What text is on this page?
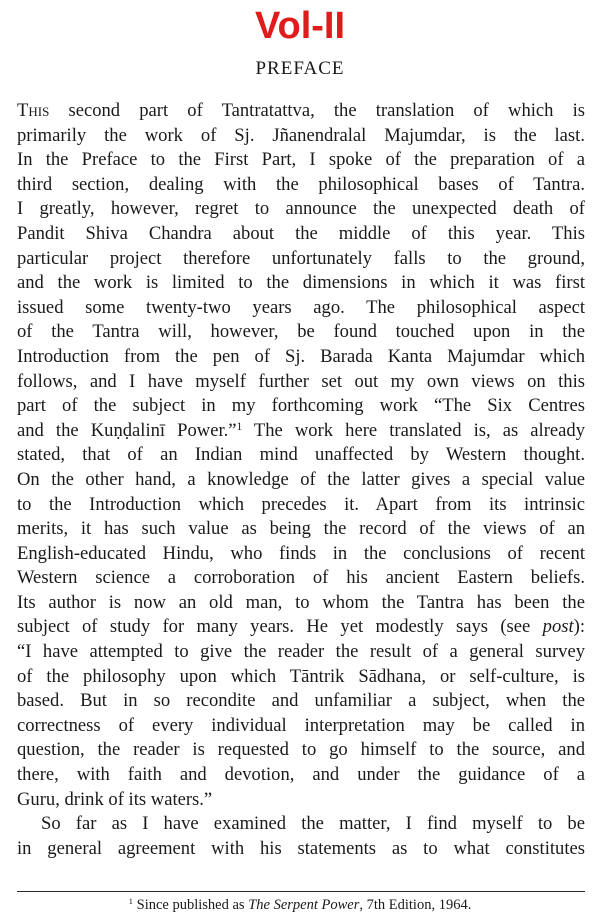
Vol-II
PREFACE
This second part of Tantratattva, the translation of which is
primarily the work of Sj. Jñanendralal Majumdar, is the last.
In the Preface to the First Part, I spoke of the preparation of a
third section, dealing with the philosophical bases of Tantra.
I greatly, however, regret to announce the unexpected death of
Pandit Shiva Chandra about the middle of this year. This
particular project therefore unfortunately falls to the ground,
and the work is limited to the dimensions in which it was first
issued some twenty-two years ago. The philosophical aspect
of the Tantra will, however, be found touched upon in the
Introduction from the pen of Sj. Barada Kanta Majumdar which
follows, and I have myself further set out my own views on this
part of the subject in my forthcoming work “The Six Centres
and the Kuṇḍalinī Power.”$^1$ The work here translated is, as already
stated, that of an Indian mind unaffected by Western thought.
On the other hand, a knowledge of the latter gives a special value
to the Introduction which precedes it. Apart from its intrinsic
merits, it has such value as being the record of the views of an
English-educated Hindu, who finds in the conclusions of recent
Western science a corroboration of his ancient Eastern beliefs.
Its author is now an old man, to whom the Tantra has been the
subject of study for many years. He yet modestly says (see post):
“I have attempted to give the reader the result of a general survey
of the philosophy upon which Tāntrik Sādhana, or self-culture, is
based. But in so recondite and unfamiliar a subject, when the
correctness of every individual interpretation may be called in
question, the reader is requested to go himself to the source, and
there, with faith and devotion, and under the guidance of a
Guru, drink of its waters.”
So far as I have examined the matter, I find myself to be
in general agreement with his statements as to what constitutes
$^1$ Since published as The Serpent Power, 7th Edition, 1964.
